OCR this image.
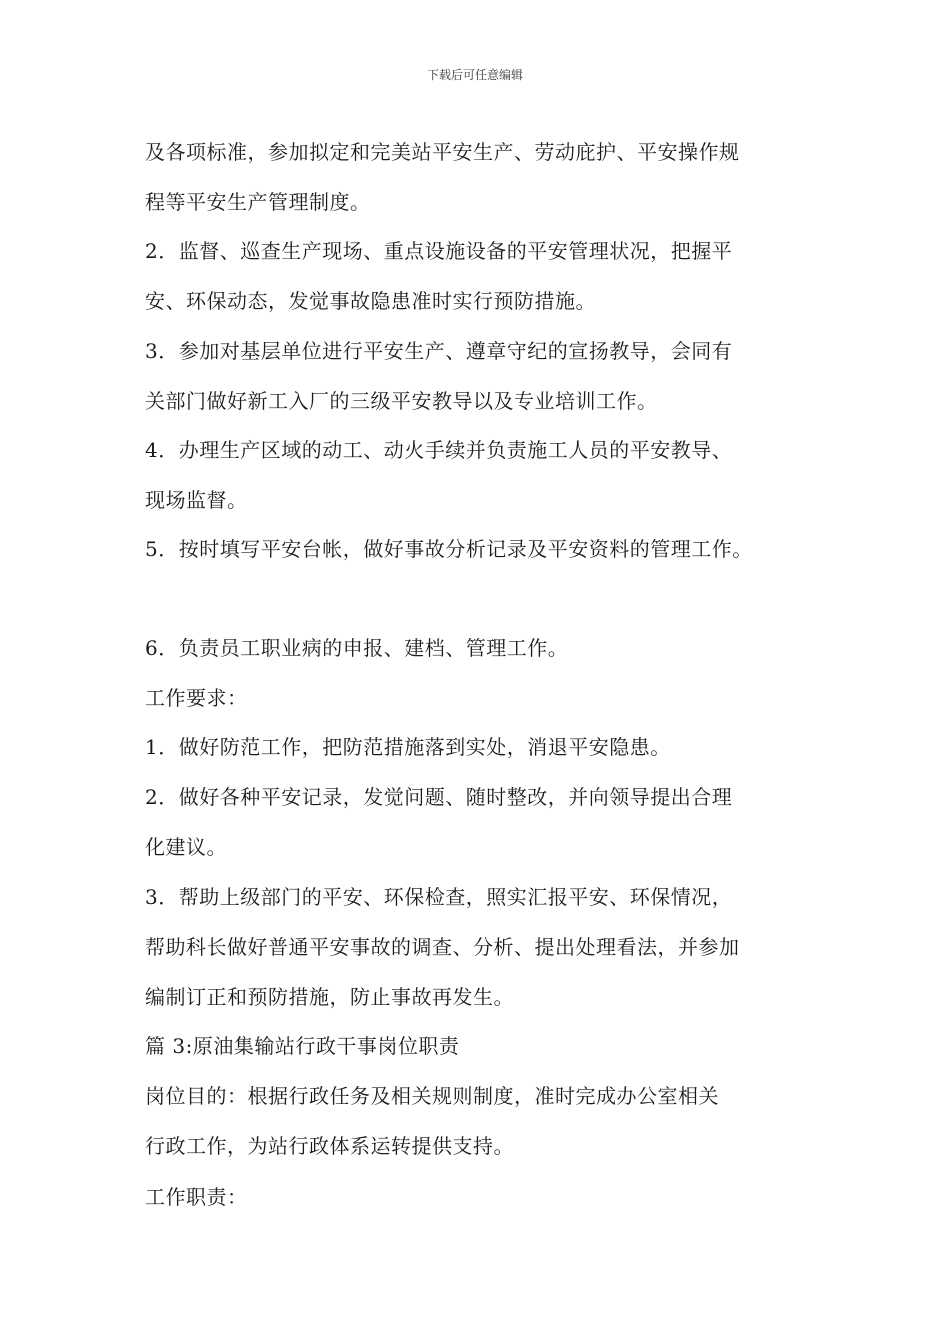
下载后可任意编辑
及各项标准，参加拟定和完美站平安生产、劳动庇护、平安操作规
程等平安生产管理制度。
2．监督、巡查生产现场、重点设施设备的平安管理状况，把握平
安、环保动态，发觉事故隐患准时实行预防措施。
3．参加对基层单位进行平安生产、遵章守纪的宣扬教导，会同有
关部门做好新工入厂的三级平安教导以及专业培训工作。
4．办理生产区域的动工、动火手续并负责施工人员的平安教导、
现场监督。
5．按时填写平安台帐，做好事故分析记录及平安资料的管理工作。
6．负责员工职业病的申报、建档、管理工作。
工作要求：
1．做好防范工作，把防范措施落到实处，消退平安隐患。
2．做好各种平安记录，发觉问题、随时整改，并向领导提出合理
化建议。
3．帮助上级部门的平安、环保检查，照实汇报平安、环保情况，
帮助科长做好普通平安事故的调查、分析、提出处理看法，并参加
编制订正和预防措施，防止事故再发生。
篇 3:原油集输站行政干事岗位职责
岗位目的：根据行政任务及相关规则制度，准时完成办公室相关
行政工作，为站行政体系运转提供支持。
工作职责：
